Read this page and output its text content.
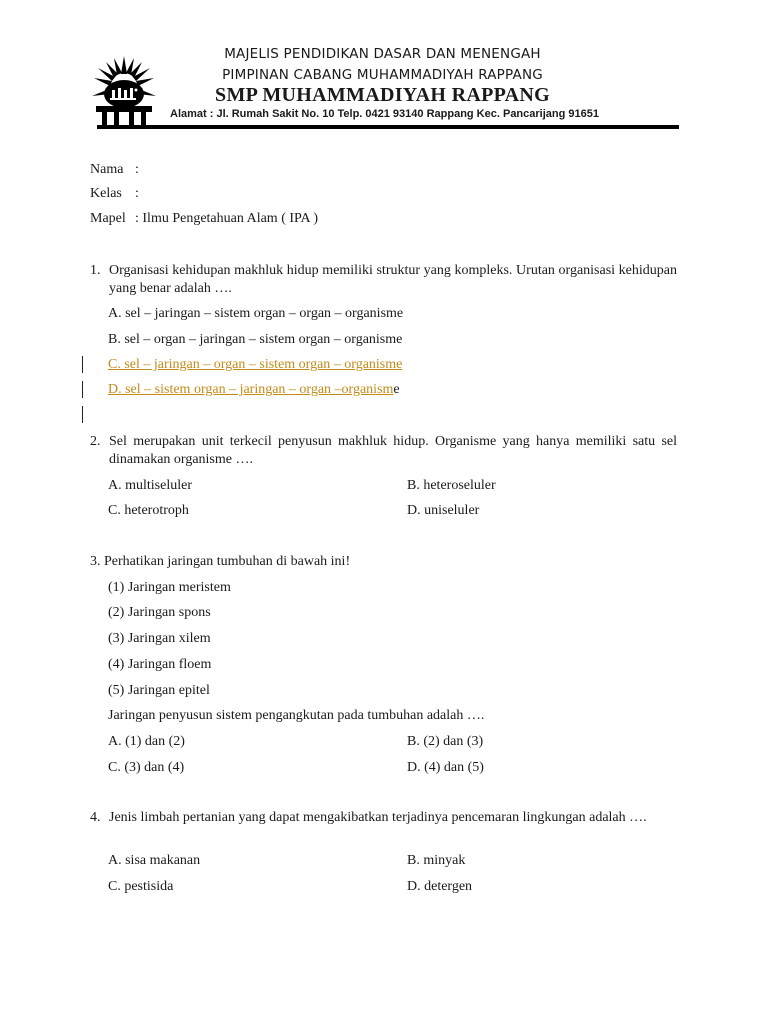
MAJELIS PENDIDIKAN DASAR DAN MENENGAH
PIMPINAN CABANG MUHAMMADIYAH RAPPANG
SMP MUHAMMADIYAH RAPPANG
Alamat : Jl. Rumah Sakit No. 10 Telp. 0421 93140 Rappang Kec. Pancarijang 91651
Nama :
Kelas :
Mapel : Ilmu Pengetahuan Alam ( IPA )
1. Organisasi kehidupan makhluk hidup memiliki struktur yang kompleks. Urutan organisasi kehidupan yang benar adalah ….
A. sel – jaringan – sistem organ – organ – organisme
B. sel – organ – jaringan – sistem organ – organisme
C. sel – jaringan – organ – sistem organ – organisme
D. sel – sistem organ – jaringan – organ –organisme
2. Sel merupakan unit terkecil penyusun makhluk hidup. Organisme yang hanya memiliki satu sel dinamakan organisme ….
A. multiseluler	B. heteroseluler
C. heterotroph	D. uniseluler
3. Perhatikan jaringan tumbuhan di bawah ini!
(1) Jaringan meristem
(2) Jaringan spons
(3) Jaringan xilem
(4) Jaringan floem
(5) Jaringan epitel
Jaringan penyusun sistem pengangkutan pada tumbuhan adalah ….
A. (1) dan (2)	B. (2) dan (3)
C. (3) dan (4)	D. (4) dan (5)
4. Jenis limbah pertanian yang dapat mengakibatkan terjadinya pencemaran lingkungan adalah ….
A. sisa makanan	B. minyak
C. pestisida	D. detergen
